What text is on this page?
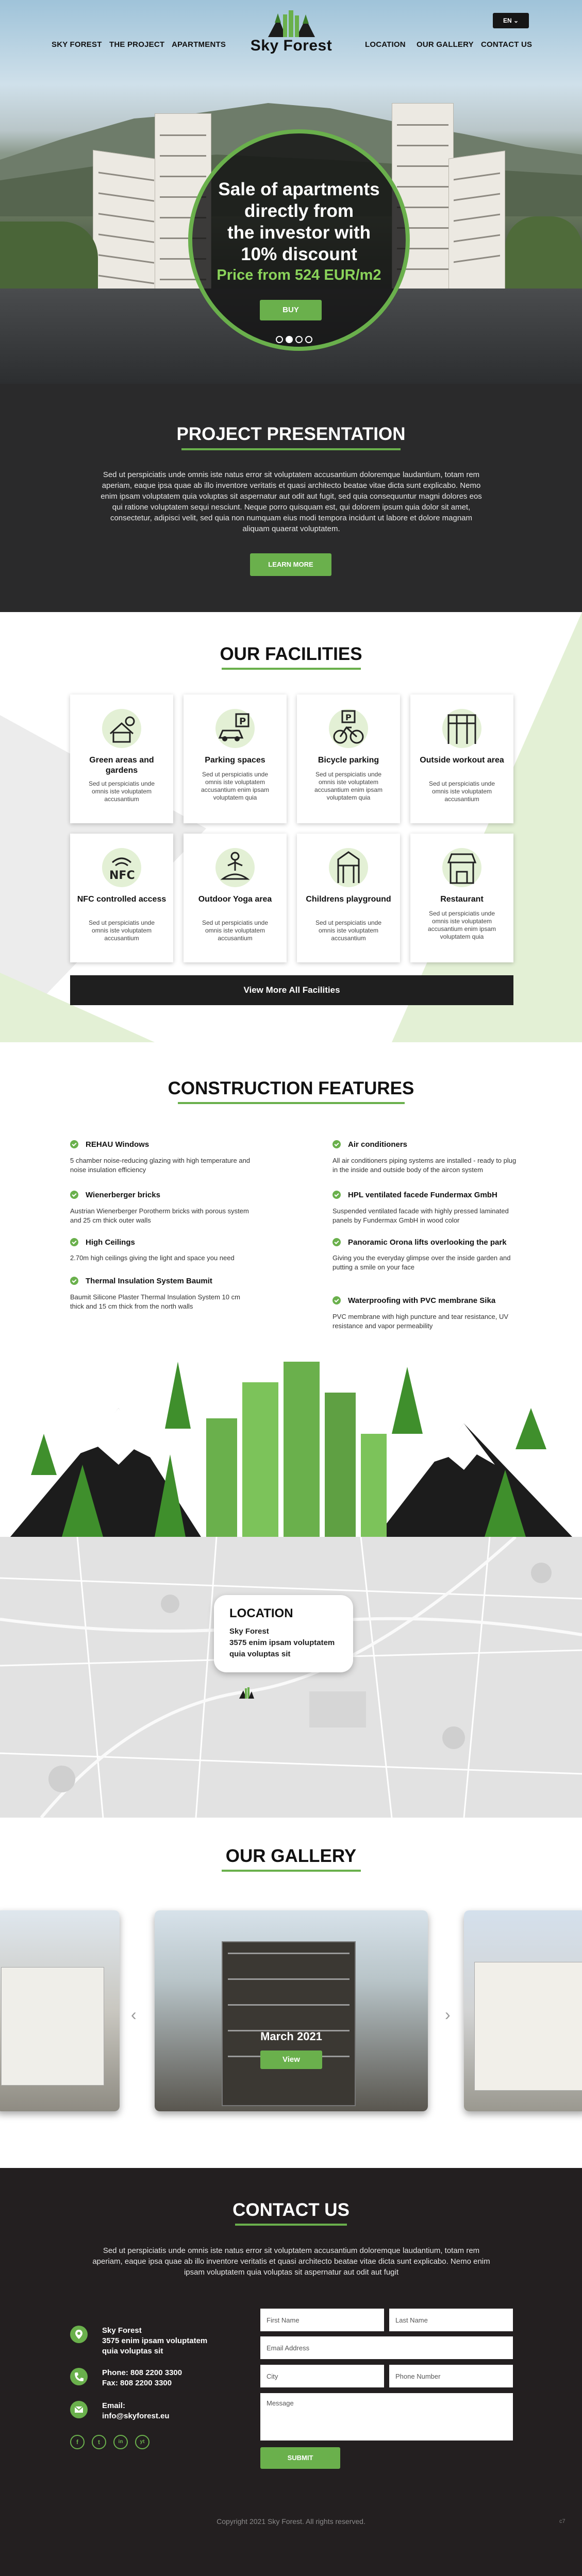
SKY FOREST THE PROJECT APARTMENTS	LOCATION OUR GALLERY CONTACT US
EN ⌄
Sky Forest
Sale of apartments
directly from
the investor with
10% discount
Price from 524 EUR/m2
BUY
PROJECT PRESENTATION
Sed ut perspiciatis unde omnis iste natus error sit voluptatem accusantium doloremque laudantium, totam rem aperiam, eaque ipsa quae ab illo inventore veritatis et quasi architecto beatae vitae dicta sunt explicabo. Nemo enim ipsam voluptatem quia voluptas sit aspernatur aut odit aut fugit, sed quia consequuntur magni dolores eos qui ratione voluptatem sequi nesciunt. Neque porro quisquam est, qui dolorem ipsum quia dolor sit amet, consectetur, adipisci velit, sed quia non numquam eius modi tempora incidunt ut labore et dolore magnam aliquam quaerat voluptatem.
LEARN MORE
OUR FACILITIES
Green areas and gardens
Sed ut perspiciatis unde omnis iste voluptatem accusantium
P
Parking spaces
Sed ut perspiciatis unde omnis iste voluptatem accusantium enim ipsam voluptatem quia
P
Bicycle parking
Sed ut perspiciatis unde omnis iste voluptatem accusantium enim ipsam voluptatem quia
Outside workout area
Sed ut perspiciatis unde omnis iste voluptatem accusantium
NFC
NFC controlled access
Sed ut perspiciatis unde omnis iste voluptatem accusantium
Outdoor Yoga area
Sed ut perspiciatis unde omnis iste voluptatem accusantium
Childrens playground
Sed ut perspiciatis unde omnis iste voluptatem accusantium
Restaurant
Sed ut perspiciatis unde omnis iste voluptatem accusantium enim ipsam voluptatem quia
View More All Facilities
CONSTRUCTION FEATURES
REHAU Windows
5 chamber noise-reducing glazing with high temperature and noise insulation efficiency
Wienerberger bricks
Austrian Wienerberger Porotherm bricks with porous system and 25 cm thick outer walls
High Ceilings
2.70m high ceilings giving the light and space you need
Thermal Insulation System Baumit
Baumit Silicone Plaster Thermal Insulation System 10 cm thick and 15 cm thick from the north walls
Air conditioners
All air conditioners piping systems are installed - ready to plug in the inside and outside body of the aircon system
HPL ventilated facede Fundermax GmbH
Suspended ventilated facade with highly pressed laminated panels by Fundermax GmbH in wood color
Panoramic Orona lifts overlooking the park
Giving you the everyday glimpse over the inside garden and putting a smile on your face
Waterproofing with PVC membrane Sika
PVC membrane with high puncture and tear resistance, UV resistance and vapor permeability
LOCATION
Sky Forest
3575 enim ipsam voluptatem
quia voluptas sit
OUR GALLERY
‹
March 2021
View
›
CONTACT US
Sed ut perspiciatis unde omnis iste natus error sit voluptatem accusantium doloremque laudantium, totam rem aperiam, eaque ipsa quae ab illo inventore veritatis et quasi architecto beatae vitae dicta sunt explicabo. Nemo enim ipsam voluptatem quia voluptas sit aspernatur aut odit aut fugit
Sky Forest
3575 enim ipsam voluptatem
quia voluptas sit
Phone: 808 2200 3300
Fax: 808 2200 3300
Email:
info@skyforest.eu
f	t	in	yt
First Name
Last Name
Email Address
City
Phone Number
Message
SUBMIT
Copyright 2021 Sky Forest. All rights reserved.	c7
